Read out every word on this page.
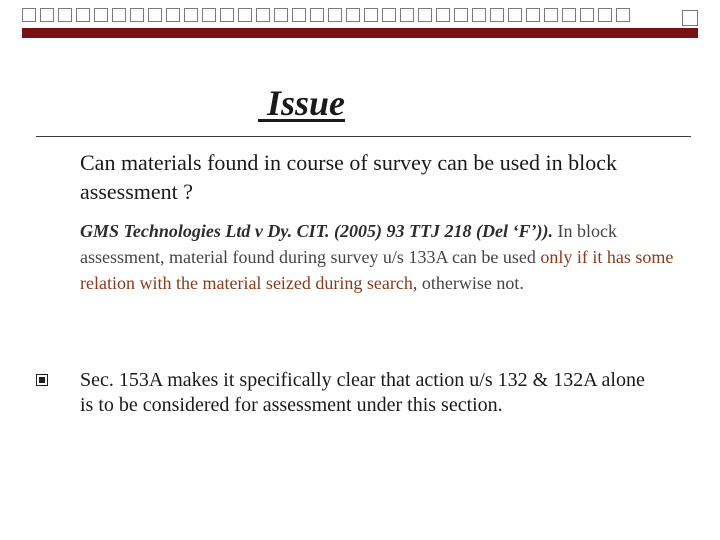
Issue
Can materials found in course of survey can be used in block assessment ?
GMS Technologies Ltd v Dy. CIT. (2005) 93 TTJ 218 (Del ‘F’)). In block assessment, material found during survey u/s 133A can be used only if it has some relation with the material seized during search, otherwise not.
Sec. 153A makes it specifically clear that action u/s 132 & 132A alone is to be considered for assessment under this section.
